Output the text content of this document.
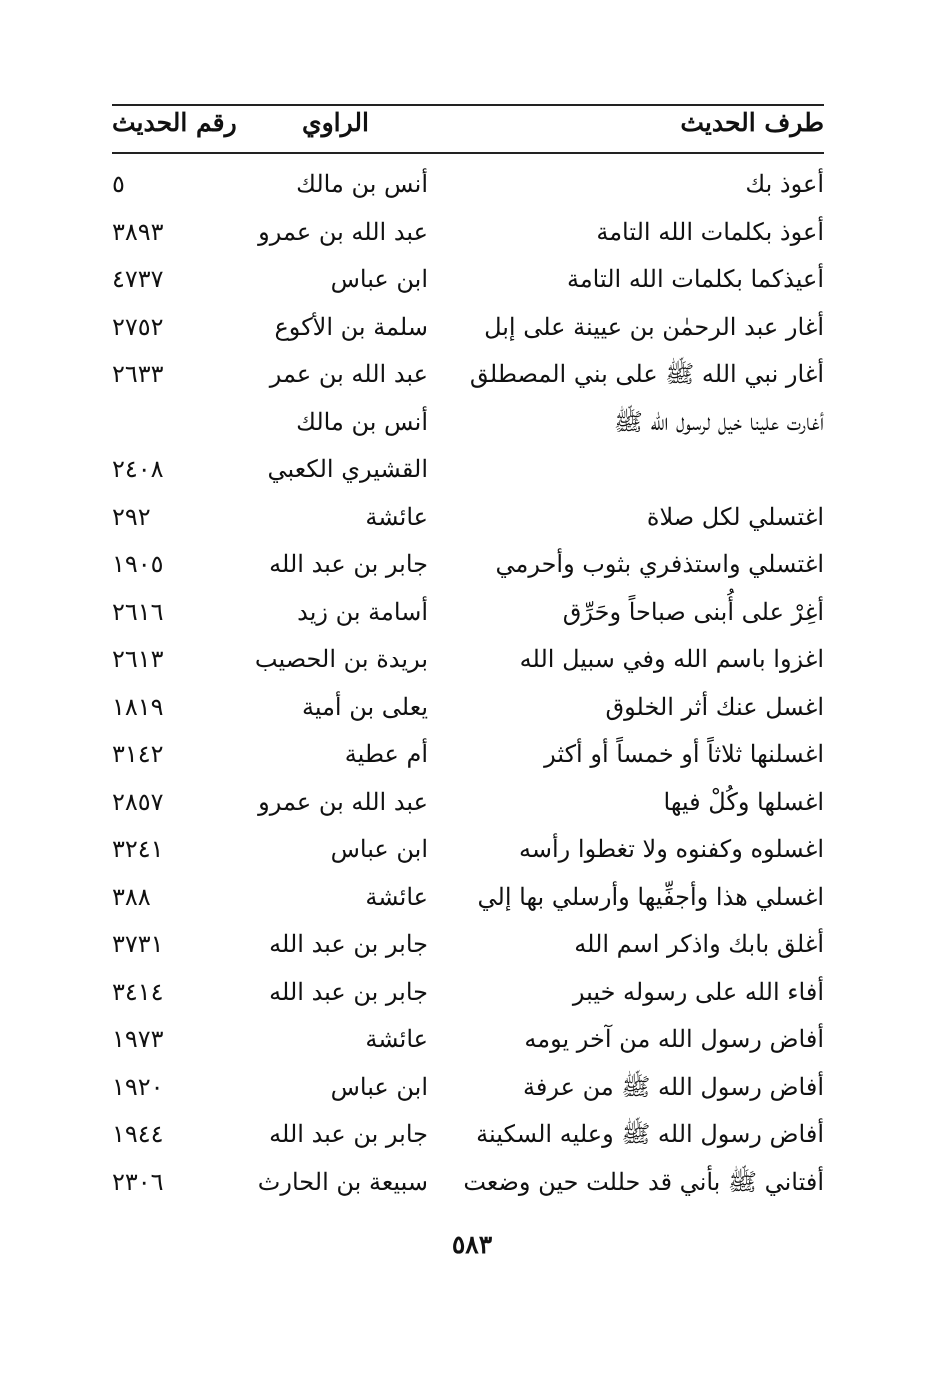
طرف الحديث
الراوي
رقم الحديث
أعوذ بك
أنس بن مالك
٥
أعوذ بكلمات الله التامة
عبد الله بن عمرو
٣٨٩٣
أعيذكما بكلمات الله التامة
ابن عباس
٤٧٣٧
أغار عبد الرحمٰن بن عيينة على إبل
سلمة بن الأكوع
٢٧٥٢
أغار نبي الله ﷺ على بني المصطلق
عبد الله بن عمر
٢٦٣٣
أغارت علينا خيل لرسول الله ﷺ
أنس بن مالك
القشيري الكعبي
٢٤٠٨
اغتسلي لكل صلاة
عائشة
٢٩٢
اغتسلي واستذفري بثوب وأحرمي
جابر بن عبد الله
١٩٠٥
أغِرْ على أُبنى صباحاً وحَرِّق
أسامة بن زيد
٢٦١٦
اغزوا باسم الله وفي سبيل الله
بريدة بن الحصيب
٢٦١٣
اغسل عنك أثر الخلوق
يعلى بن أمية
١٨١٩
اغسلنها ثلاثاً أو خمساً أو أكثر
أم عطية
٣١٤٢
اغسلها وكُلْ فيها
عبد الله بن عمرو
٢٨٥٧
اغسلوه وكفنوه ولا تغطوا رأسه
ابن عباس
٣٢٤١
اغسلي هذا وأجفِّيها وأرسلي بها إلي
عائشة
٣٨٨
أغلق بابك واذكر اسم الله
جابر بن عبد الله
٣٧٣١
أفاء الله على رسوله خيبر
جابر بن عبد الله
٣٤١٤
أفاض رسول الله من آخر يومه
عائشة
١٩٧٣
أفاض رسول الله ﷺ من عرفة
ابن عباس
١٩٢٠
أفاض رسول الله ﷺ وعليه السكينة
جابر بن عبد الله
١٩٤٤
أفتاني ﷺ بأني قد حللت حين وضعت
سبيعة بن الحارث
٢٣٠٦
٥٨٣
